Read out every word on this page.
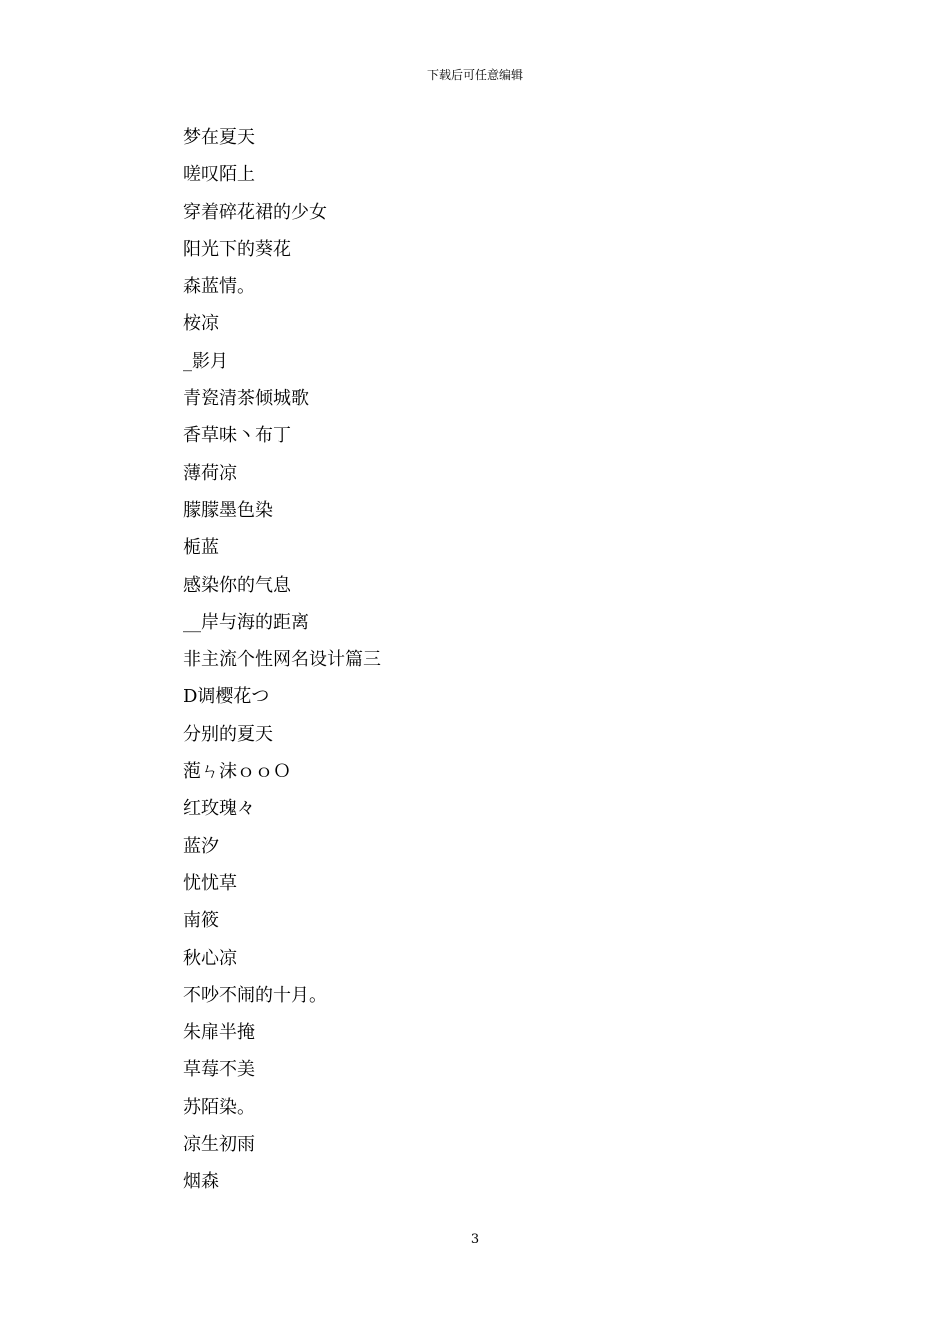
下载后可任意编辑
梦在夏天
嗟叹陌上
穿着碎花裙的少女
阳光下的葵花
森蓝情。
桉凉
_影月
青瓷清茶倾城歌
香草味丶布丁
薄荷凉
朦朦墨色染
栀蓝
感染你的气息
__岸与海的距离
非主流个性网名设计篇三
D调樱花つ
分别的夏天
萢ㄣ沫ｏｏＯ
红玫瑰々
蓝汐
忧忧草
南筱
秋心凉
不吵不闹的十月。
朱扉半掩
草莓不美
苏陌染。
凉生初雨
烟森
3
